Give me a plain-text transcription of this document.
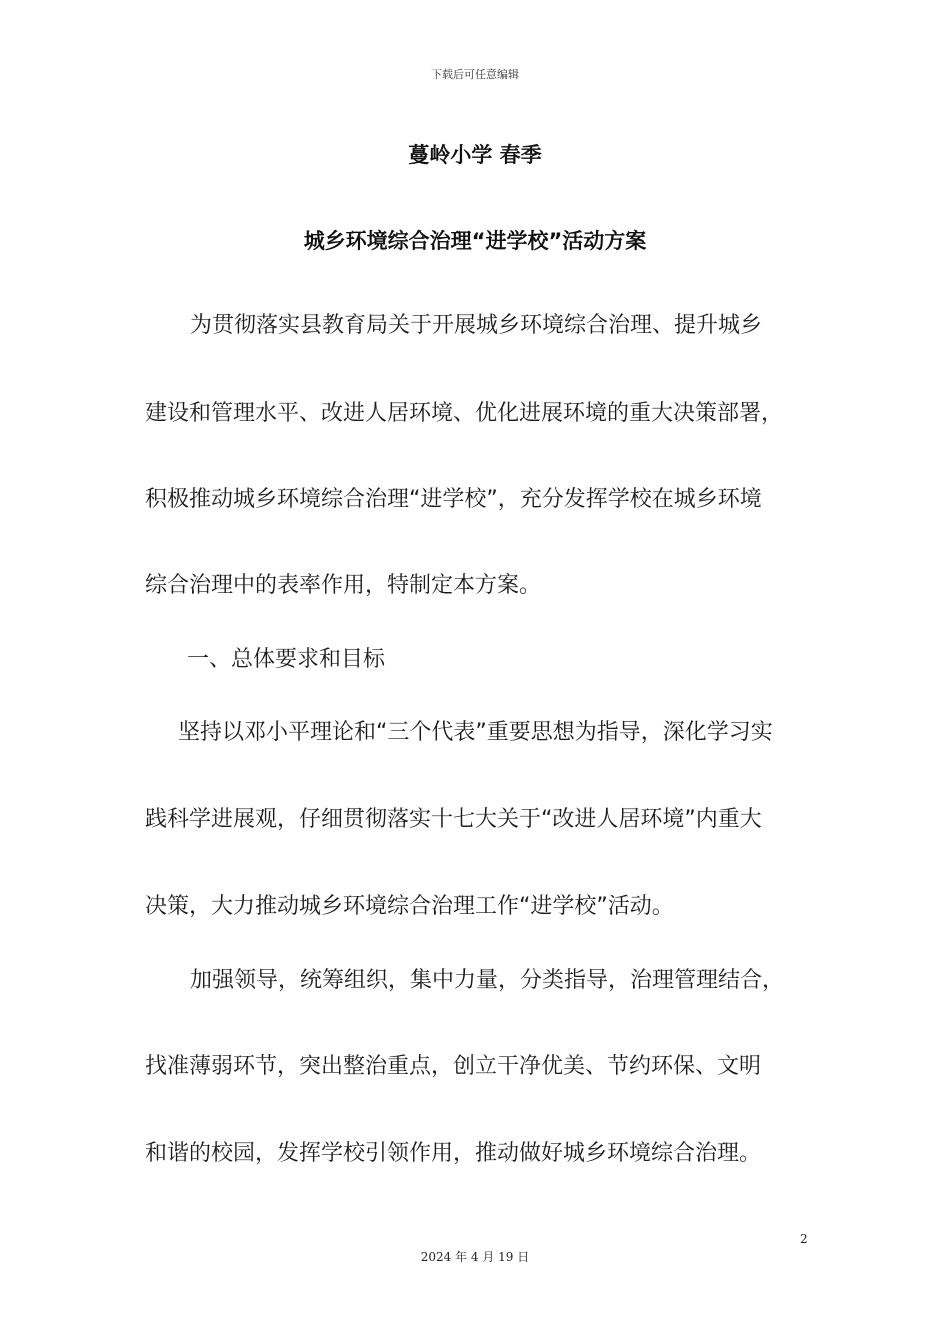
下载后可任意编辑
蔓岭小学 春季
城乡环境综合治理“进学校”活动方案
为贯彻落实县教育局关于开展城乡环境综合治理、提升城乡
建设和管理水平、改进人居环境、优化进展环境的重大决策部署，
积极推动城乡环境综合治理“进学校”，充分发挥学校在城乡环境
综合治理中的表率作用，特制定本方案。
一、总体要求和目标
坚持以邓小平理论和“三个代表”重要思想为指导，深化学习实
践科学进展观，仔细贯彻落实十七大关于“改进人居环境”内重大
决策，大力推动城乡环境综合治理工作“进学校”活动。
加强领导，统筹组织，集中力量，分类指导，治理管理结合，
找准薄弱环节，突出整治重点，创立干净优美、节约环保、文明
和谐的校园，发挥学校引领作用，推动做好城乡环境综合治理。
2
2024 年 4 月 19 日
